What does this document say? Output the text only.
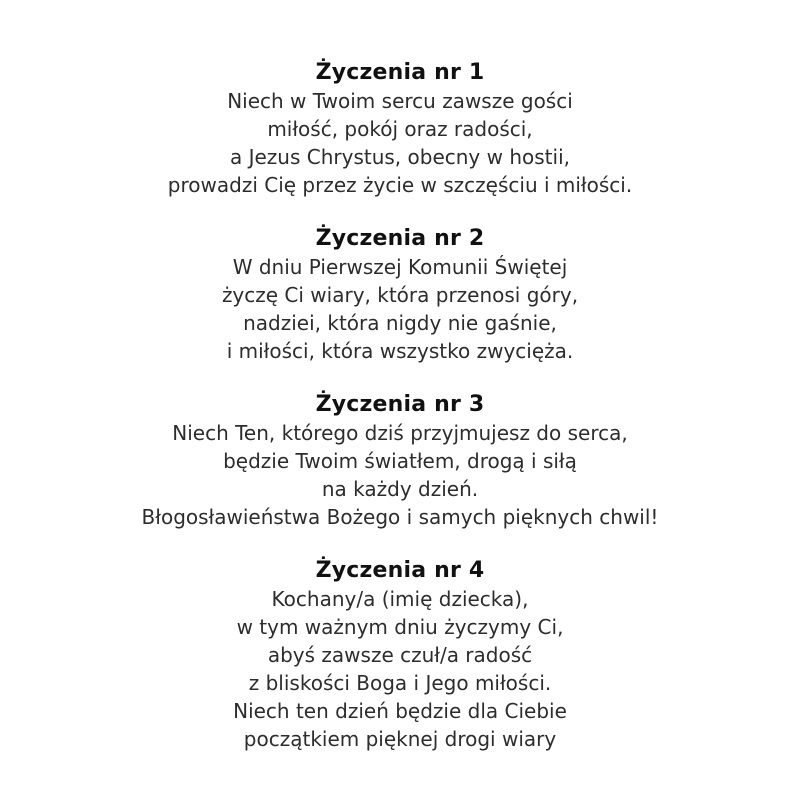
Życzenia nr 1

Niech w Twoim sercu zawsze gości

miłość, pokój oraz radości,

a Jezus Chrystus, obecny w hostii,

prowadzi Cię przez życie w szczęściu i miłości.

Życzenia nr 2

W dniu Pierwszej Komunii Świętej

życzę Ci wiary, która przenosi góry,

nadziei, która nigdy nie gaśnie,

i miłości, która wszystko zwycięża.

Życzenia nr 3

Niech Ten, którego dziś przyjmujesz do serca,

będzie Twoim światłem, drogą i siłą

na każdy dzień.

Błogosławieństwa Bożego i samych pięknych chwil!

Życzenia nr 4

Kochany/a (imię dziecka),

w tym ważnym dniu życzymy Ci,

abyś zawsze czuł/a radość

z bliskości Boga i Jego miłości.

Niech ten dzień będzie dla Ciebie

początkiem pięknej drogi wiary
